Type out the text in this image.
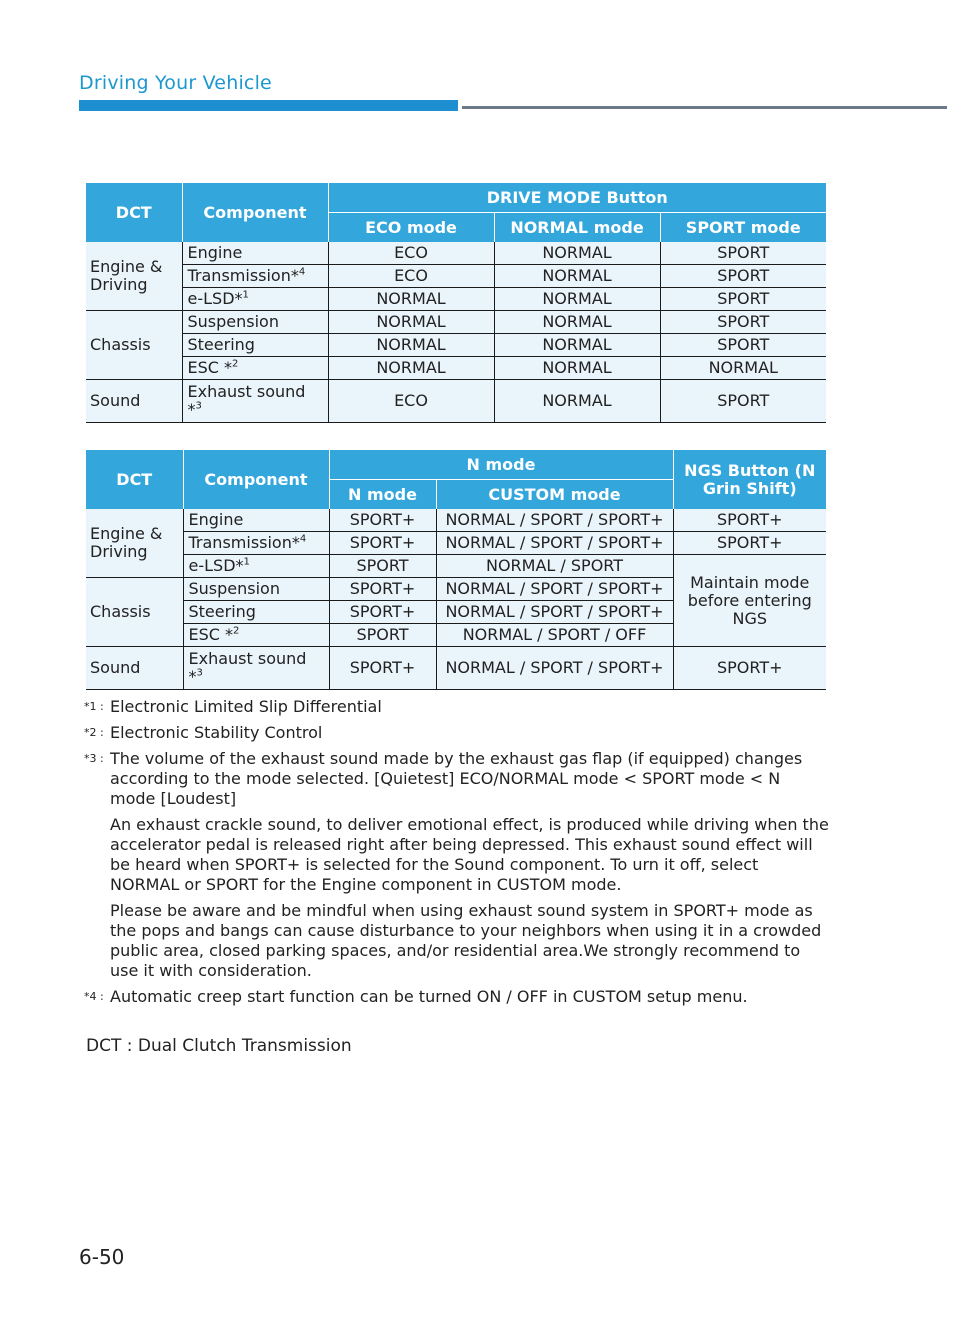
Driving Your Vehicle
DCT	Component	DRIVE MODE Button		
		ECO mode	NORMAL mode	SPORT mode
Engine & Driving	Engine	ECO	NORMAL	SPORT
	Transmission*$^4$	ECO	NORMAL	SPORT
	e-LSD*$^1$	NORMAL	NORMAL	SPORT
Chassis	Suspension	NORMAL	NORMAL	SPORT
	Steering	NORMAL	NORMAL	SPORT
	ESC *$^2$	NORMAL	NORMAL	NORMAL
Sound	Exhaust sound *$^3$	ECO	NORMAL	SPORT
DCT	Component	N mode		NGS Button (N Grin Shift)
		N mode	CUSTOM mode	
Engine & Driving	Engine	SPORT+	NORMAL / SPORT / SPORT+	SPORT+
	Transmission*$^4$	SPORT+	NORMAL / SPORT / SPORT+	SPORT+
	e-LSD*$^1$	SPORT	NORMAL / SPORT	Maintain mode before entering NGS
Chassis	Suspension	SPORT+	NORMAL / SPORT / SPORT+	
	Steering	SPORT+	NORMAL / SPORT / SPORT+	
	ESC *$^2$	SPORT	NORMAL / SPORT / OFF	
Sound	Exhaust sound *$^3$	SPORT+	NORMAL / SPORT / SPORT+	SPORT+
*1 : Electronic Limited Slip Differential

*2 : Electronic Stability Control

*3 : The volume of the exhaust sound made by the exhaust gas flap (if equipped) changes according to the mode selected. [Quietest] ECO/NORMAL mode < SPORT mode < N mode [Loudest]

An exhaust crackle sound, to deliver emotional effect, is produced while driving when the accelerator pedal is released right after being depressed. This exhaust sound effect will be heard when SPORT+ is selected for the Sound component. To urn it off, select NORMAL or SPORT for the Engine component in CUSTOM mode.

Please be aware and be mindful when using exhaust sound system in SPORT+ mode as the pops and bangs can cause disturbance to your neighbors when using it in a crowded public area, closed parking spaces, and/or residential area.We strongly recommend to use it with consideration.

*4 : Automatic creep start function can be turned ON / OFF in CUSTOM setup menu.

DCT : Dual Clutch Transmission
6-50
